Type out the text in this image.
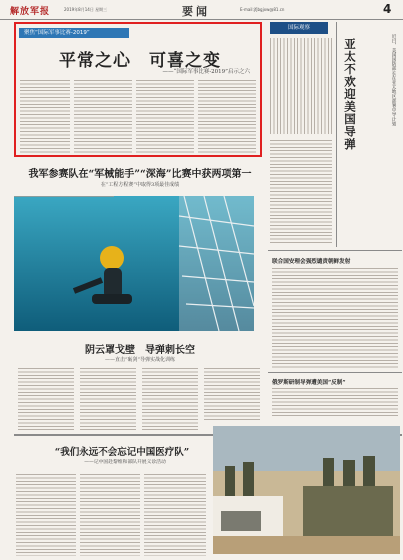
解放军报	2019年8月14日 星期三	要闻	E-mail:jfjbgjxw@81.cn	4
聚焦“国际军事比赛-2019”
平常之心　可喜之变
——“国际军事比赛-2019”启示之六
国际观察
亚太不欢迎美国导弹	近日，美国国防部长在亚太地区部署中导计划
联合国安理会强烈谴责朝鲜发射
俄罗斯研制导弹遭美国“反制”
我军参赛队在“军械能手”“深海”比赛中获两项第一
在“工程方程赛”中取得3项最佳成绩
阴云罩戈壁　导弹刺长空
——直击“砺剑”导弹实战化训练
“我们永远不会忘记中国医疗队”
——记中国赴黎维和部队开展义诊活动
